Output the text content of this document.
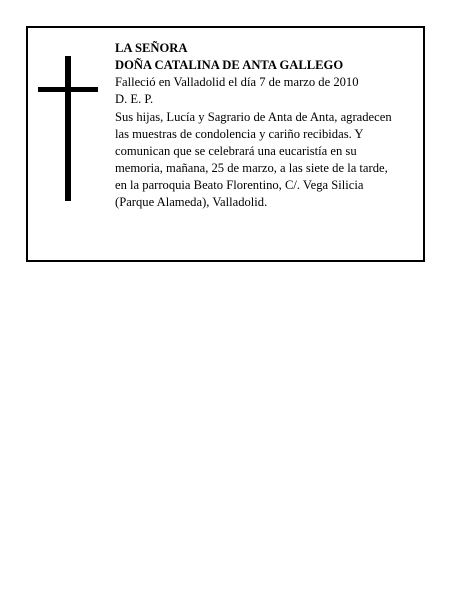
LA SEÑORA
DOÑA CATALINA DE ANTA GALLEGO
Falleció en Valladolid el día 7 de marzo de 2010
D. E. P.
Sus hijas, Lucía y Sagrario de Anta de Anta, agradecen
las muestras de condolencia y cariño recibidas. Y
comunican que se celebrará una eucaristía en su
memoria, mañana, 25 de marzo, a las siete de la tarde,
en la parroquia Beato Florentino, C/. Vega Silicia
(Parque Alameda), Valladolid.
